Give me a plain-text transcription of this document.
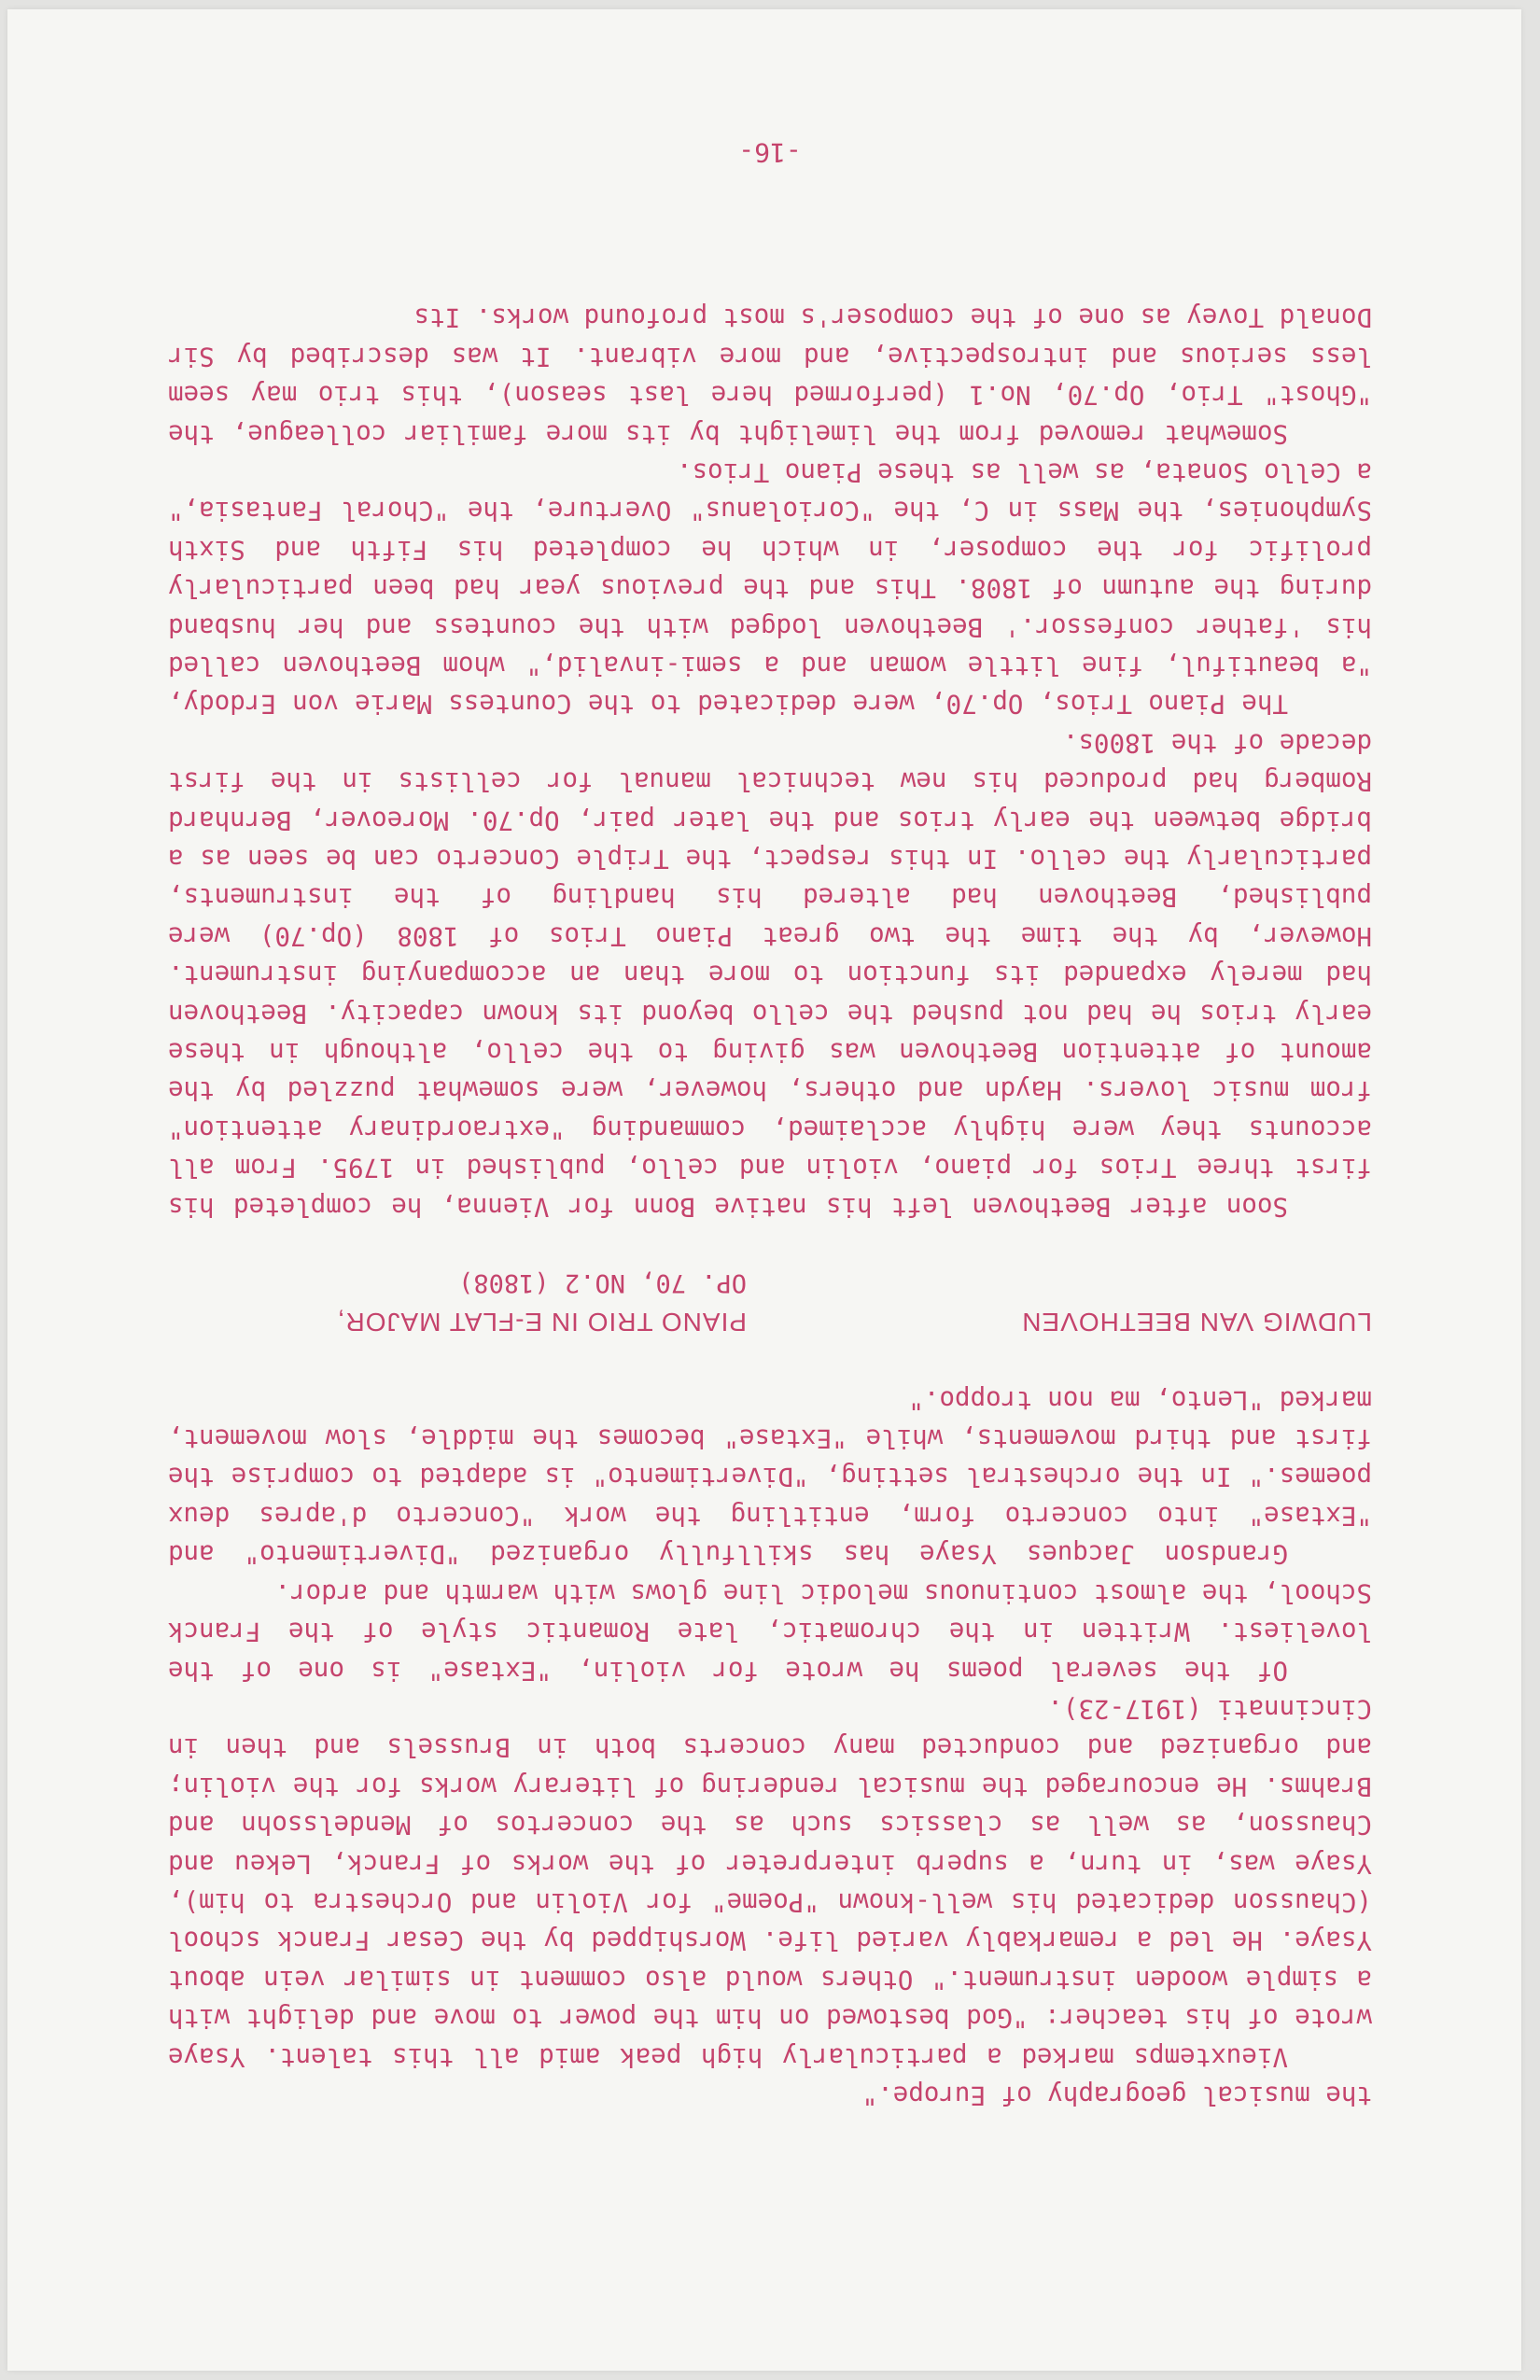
the musical geography of Europe."

Vieuxtemps marked a particularly high peak amid all this talent. Ysaye wrote of his teacher: "God bestowed on him the power to move and delight with a simple wooden instrument." Others would also comment in similar vein about Ysaye. He led a remarkably varied life. Worshipped by the Cesar Franck school (Chausson dedicated his well-known "Poeme" for Violin and Orchestra to him), Ysaye was, in turn, a superb interpreter of the works of Franck, Lekeu and Chausson, as well as classics such as the concertos of Mendelssohn and Brahms. He encouraged the musical rendering of literary works for the violin; and organized and conducted many concerts both in Brussels and then in Cincinnati (1917-23).

Of the several poems he wrote for violin, "Extase" is one of the loveliest. Written in the chromatic, late Romantic style of the Franck School, the almost continuous melodic line glows with warmth and ardor.

Grandson Jacques Ysaye has skillfully organized "Divertimento" and "Extase" into concerto form, entitling the work "Concerto d'apres deux poemes." In the orchestral setting, "Divertimento" is adapted to comprise the first and third movements, while "Extase" becomes the middle, slow movement, marked "Lento, ma non troppo."

LUDWIG VAN BEETHOVEN
PIANO TRIO IN E-FLAT MAJOR,
OP. 70, NO.2 (1808)

Soon after Beethoven left his native Bonn for Vienna, he completed his first three Trios for piano, violin and cello, published in 1795. From all accounts they were highly acclaimed, commanding "extraordinary attention" from music lovers. Haydn and others, however, were somewhat puzzled by the amount of attention Beethoven was giving to the cello, although in these early trios he had not pushed the cello beyond its known capacity. Beethoven had merely expanded its function to more than an accompanying instrument. However, by the time the two great Piano Trios of 1808 (Op.70) were published, Beethoven had altered his handling of the instruments, particularly the cello. In this respect, the Triple Concerto can be seen as a bridge between the early trios and the later pair, Op.70. Moreover, Bernhard Romberg had produced his new technical manual for cellists in the first decade of the 1800s.

The Piano Trios, Op.70, were dedicated to the Countess Marie von Erdody, "a beautiful, fine little woman and a semi-invalid," whom Beethoven called his 'father confessor.' Beethoven lodged with the countess and her husband during the autumn of 1808. This and the previous year had been particularly prolific for the composer, in which he completed his Fifth and Sixth Symphonies, the Mass in C, the "Coriolanus" Overture, the "Choral Fantasia," a Cello Sonata, as well as these Piano Trios.

Somewhat removed from the limelight by its more familiar colleague, the "Ghost" Trio, Op.70, No.1 (performed here last season), this trio may seem less serious and introspective, and more vibrant. It was described by Sir Donald Tovey as one of the composer's most profound works. Its

-16-
